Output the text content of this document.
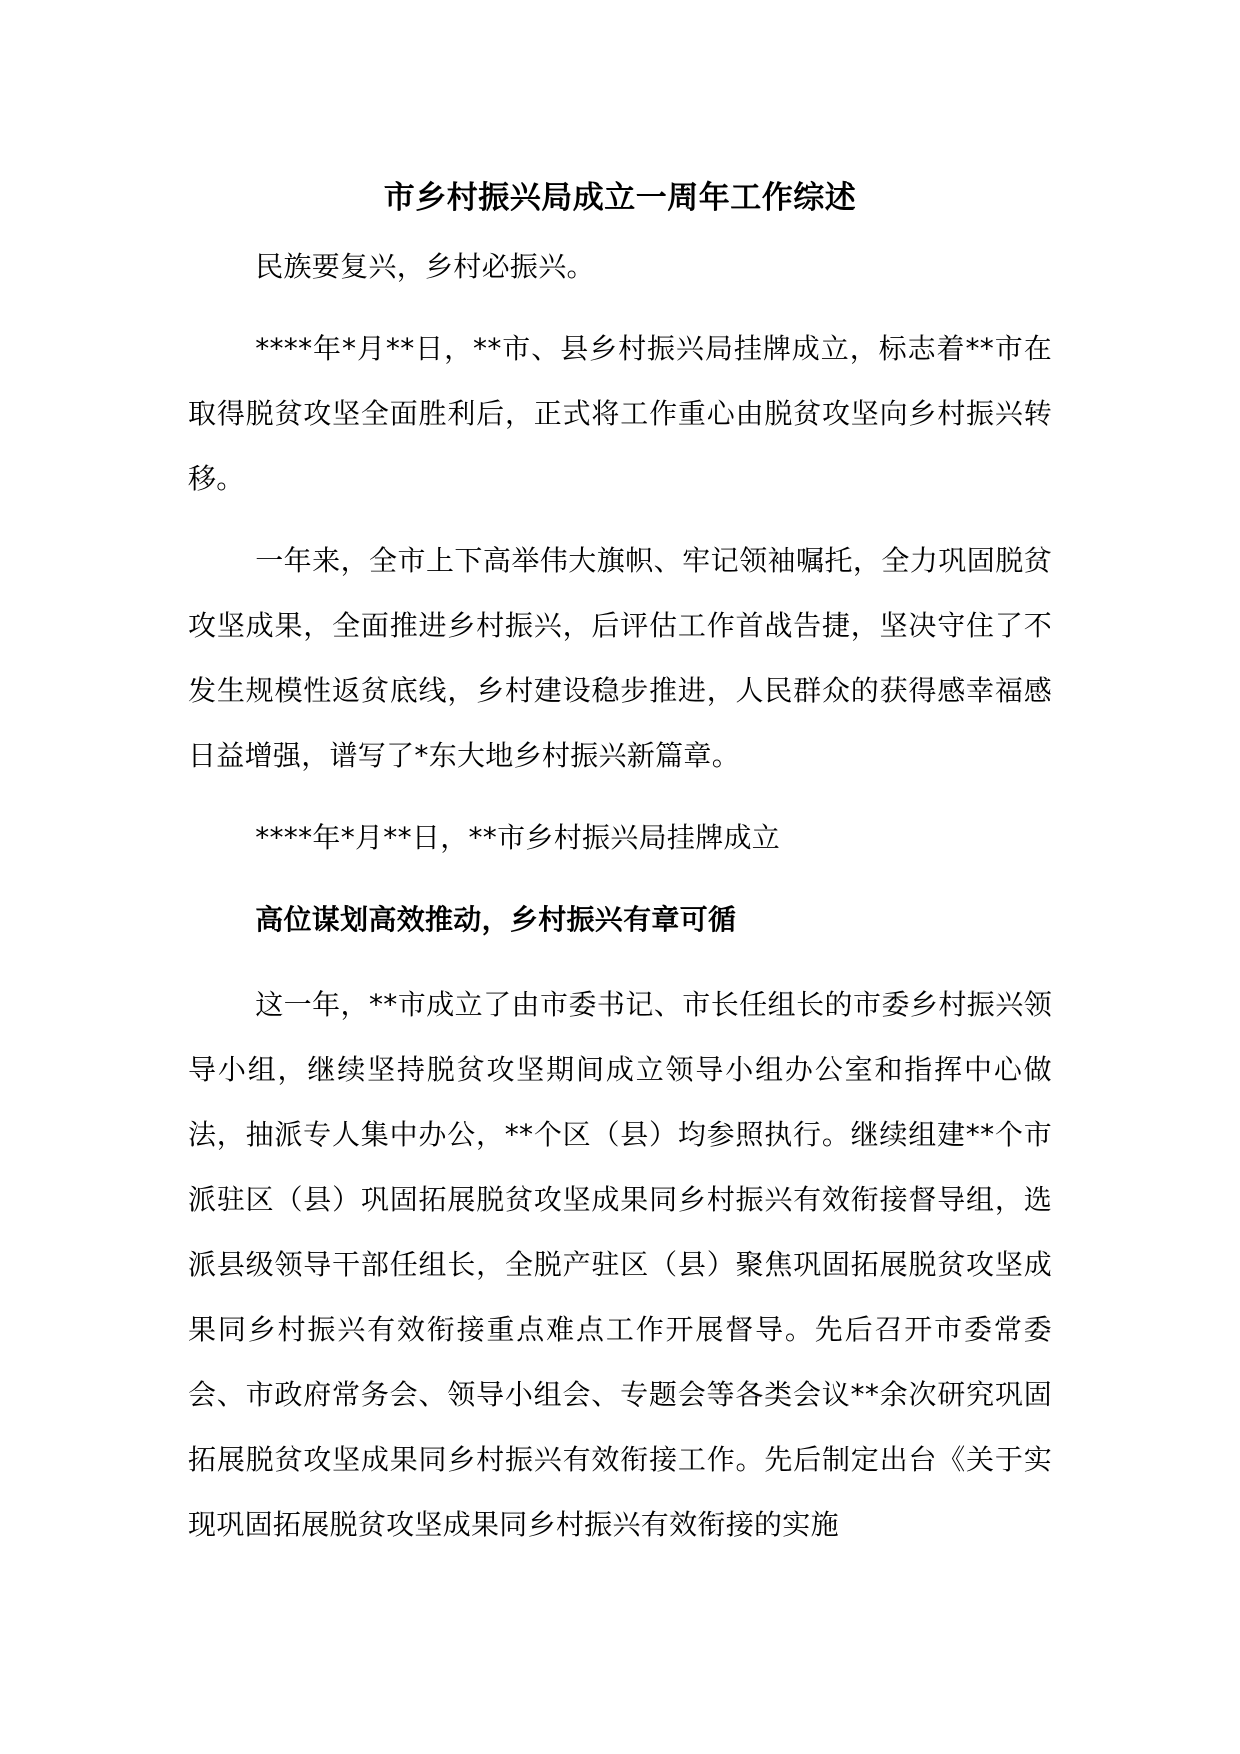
市乡村振兴局成立一周年工作综述

民族要复兴，乡村必振兴。

****年*月**日，**市、县乡村振兴局挂牌成立，标志着**市在取得脱贫攻坚全面胜利后，正式将工作重心由脱贫攻坚向乡村振兴转移。

一年来，全市上下高举伟大旗帜、牢记领袖嘱托，全力巩固脱贫攻坚成果，全面推进乡村振兴，后评估工作首战告捷，坚决守住了不发生规模性返贫底线，乡村建设稳步推进，人民群众的获得感幸福感日益增强，谱写了*东大地乡村振兴新篇章。

****年*月**日，**市乡村振兴局挂牌成立

高位谋划高效推动，乡村振兴有章可循

这一年，**市成立了由市委书记、市长任组长的市委乡村振兴领导小组，继续坚持脱贫攻坚期间成立领导小组办公室和指挥中心做法，抽派专人集中办公，**个区（县）均参照执行。继续组建**个市派驻区（县）巩固拓展脱贫攻坚成果同乡村振兴有效衔接督导组，选派县级领导干部任组长，全脱产驻区（县）聚焦巩固拓展脱贫攻坚成果同乡村振兴有效衔接重点难点工作开展督导。先后召开市委常委会、市政府常务会、领导小组会、专题会等各类会议**余次研究巩固拓展脱贫攻坚成果同乡村振兴有效衔接工作。先后制定出台《关于实现巩固拓展脱贫攻坚成果同乡村振兴有效衔接的实施
